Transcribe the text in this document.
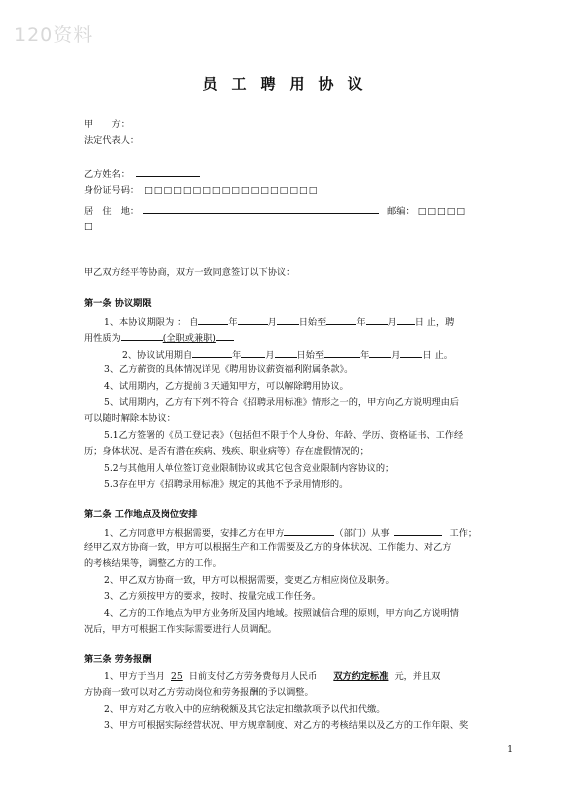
120资料
员工聘用协议
甲　　方：
法定代表人：
乙方姓名：
身份证号码： □□□□□□□□□□□□□□□□□□
居　住　地：	邮编： □□□□□
□
甲乙双方经平等协商，双方一致同意签订以下协议：
第一条 协议期限
1、本协议期限为 ： 自	年	月 日始至	年 月 日 止，聘
用性质为	(全职或兼职)
2、协议试用期自	年	月 日始至	年 月 日 止。
3、乙方薪资的具体情况详见《聘用协议薪资福利附属条款》。
4、试用期内，乙方提前３天通知甲方，可以解除聘用协议。
5、试用期内，乙方有下列不符合《招聘录用标准》情形之一的，甲方向乙方说明理由后
可以随时解除本协议：
5.1乙方签署的《员工登记表》（包括但不限于个人身份、年龄、学历、资格证书、工作经
历；身体状况、是否有潜在疾病、残疾、职业病等）存在虚假情况的；
5.2与其他用人单位签订竞业限制协议或其它包含竞业限制内容协议的；
5.3存在甲方《招聘录用标准》规定的其他不予录用情形的。
第二条 工作地点及岗位安排
1、乙方同意甲方根据需要，安排乙方在甲方	（部门）从事	工作；
经甲乙双方协商一致，甲方可以根据生产和工作需要及乙方的身体状况、工作能力、对乙方
的考核结果等，调整乙方的工作。
2、甲乙双方协商一致，甲方可以根据需要，变更乙方相应岗位及职务。
3、乙方须按甲方的要求，按时、按量完成工作任务。
4、乙方的工作地点为甲方业务所及国内地域。按照诚信合理的原则，甲方向乙方说明情
况后，甲方可根据工作实际需要进行人员调配。
第三条 劳务报酬
1、甲方于当月 25 日前支付乙方劳务费每月人民币 双方约定标准 元，并且双
方协商一致可以对乙方劳动岗位和劳务报酬的予以调整。
2、甲方对乙方收入中的应纳税额及其它法定扣缴款项予以代扣代缴。
3、甲方可根据实际经营状况、甲方规章制度、对乙方的考核结果以及乙方的工作年限、奖
1
